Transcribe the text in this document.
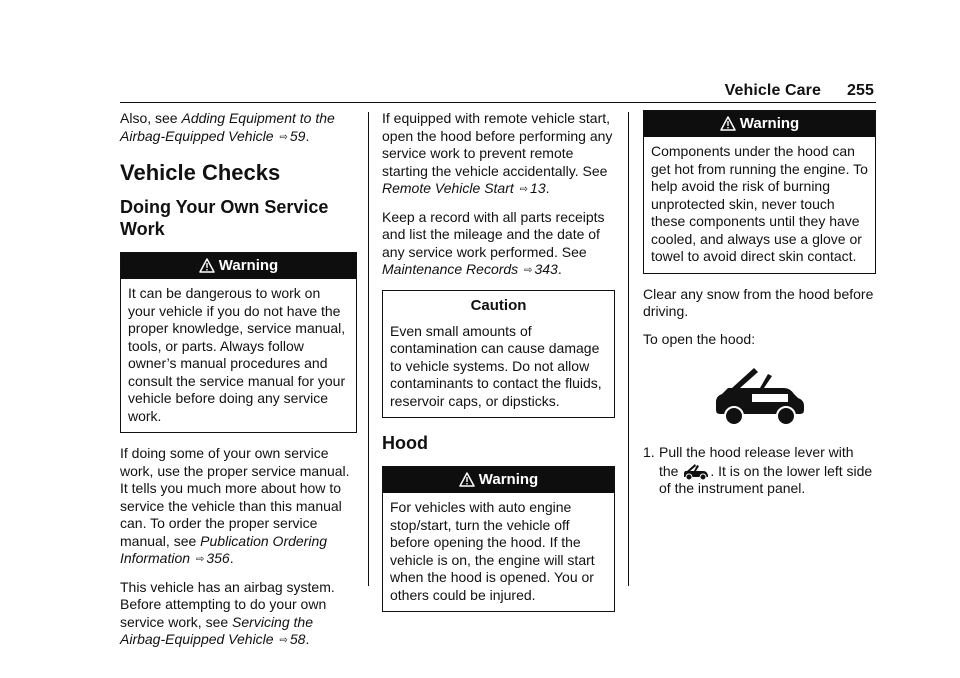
Vehicle Care 255

Also, see Adding Equipment to the Airbag-Equipped Vehicle ⇨ 59.

Vehicle Checks
Doing Your Own Service Work
Warning
It can be dangerous to work on your vehicle if you do not have the proper knowledge, service manual, tools, or parts. Always follow owner’s manual procedures and consult the service manual for your vehicle before doing any service work.

If doing some of your own service work, use the proper service manual. It tells you much more about how to service the vehicle than this manual can. To order the proper service manual, see Publication Ordering Information ⇨ 356.

This vehicle has an airbag system. Before attempting to do your own service work, see Servicing the Airbag-Equipped Vehicle ⇨ 58.

If equipped with remote vehicle start, open the hood before performing any service work to prevent remote starting the vehicle accidentally. See Remote Vehicle Start ⇨ 13.

Keep a record with all parts receipts and list the mileage and the date of any service work performed. See Maintenance Records ⇨ 343.

Caution
Even small amounts of contamination can cause damage to vehicle systems. Do not allow contaminants to contact the fluids, reservoir caps, or dipsticks.
Hood
Warning
For vehicles with auto engine stop/start, turn the vehicle off before opening the hood. If the vehicle is on, the engine will start when the hood is opened. You or others could be injured.
Warning
Components under the hood can get hot from running the engine. To help avoid the risk of burning unprotected skin, never touch these components until they have cooled, and always use a glove or towel to avoid direct skin contact.

Clear any snow from the hood before driving.

To open the hood:

1. Pull the hood release lever with the . It is on the lower left side of the instrument panel.
